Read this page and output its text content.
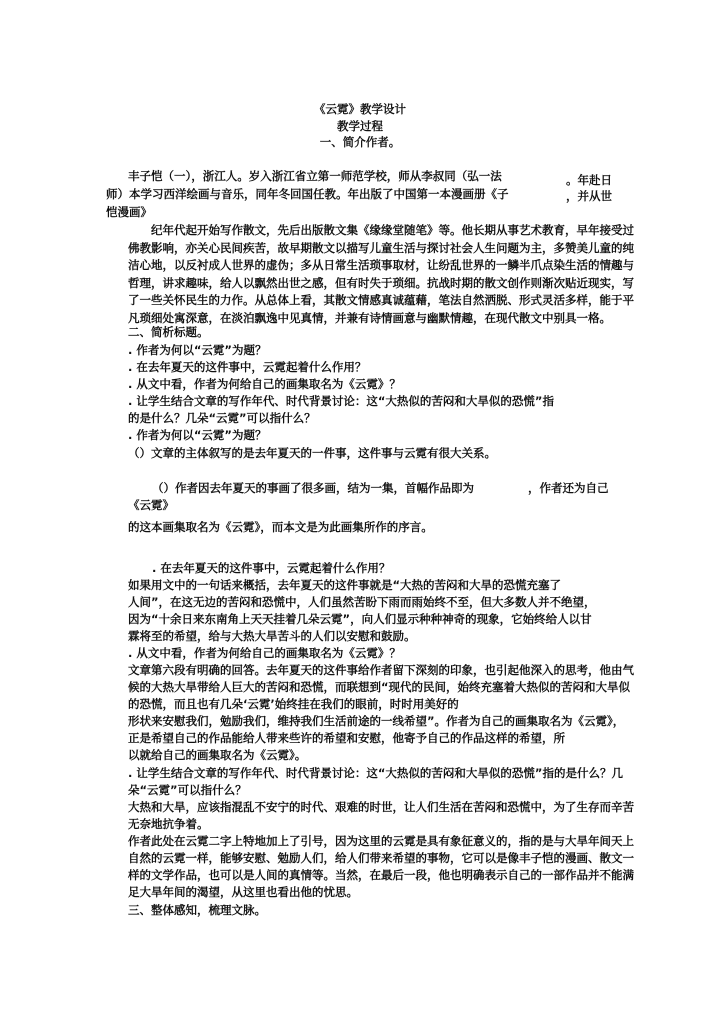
《云霓》教学设计
教学过程
一、简介作者。
丰子恺（一），浙江人。岁入浙江省立第一师范学校，师从李叔同（弘一法	。年赴日
师）本学习西洋绘画与音乐，同年冬回国任教。年出版了中国第一本漫画册《子	，并从世
恺漫画》
纪年代起开始写作散文，先后出版散文集《缘缘堂随笔》等。他长期从事艺术教育，早年接受过
佛教影响，亦关心民间疾苦，故早期散文以描写儿童生活与探讨社会人生问题为主，多赞美儿童的纯
洁心地，以反衬成人世界的虚伪；多从日常生活琐事取材，让纷乱世界的一鳞半爪点染生活的情趣与
哲理，讲求趣味，给人以飘然出世之感，但有时失于琐细。抗战时期的散文创作则渐次贴近现实，写
了一些关怀民生的力作。从总体上看，其散文情感真诚蕴藉，笔法自然洒脱、形式灵活多样，能于平
凡琐细处寓深意，在淡泊飘逸中见真情，并兼有诗情画意与幽默情趣，在现代散文中别具一格。
二、简析标题。
. 作者为何以“云霓”为题？
. 在去年夏天的这件事中，云霓起着什么作用？
. 从文中看，作者为何给自己的画集取名为《云霓》？
. 让学生结合文章的写作年代、时代背景讨论：这“大热似的苦闷和大旱似的恐慌”指
的是什么？几朵“云霓”可以指什么？
. 作者为何以“云霓”为题？
（）文章的主体叙写的是去年夏天的一件事，这件事与云霓有很大关系。
（）作者因去年夏天的事画了很多画，结为一集，首幅作品即为	，作者还为自己
《云霓》
的这本画集取名为《云霓》，而本文是为此画集所作的序言。
. 在去年夏天的这件事中，云霓起着什么作用？
如果用文中的一句话来概括，去年夏天的这件事就是“大热的苦闷和大旱的恐慌充塞了
人间”，在这无边的苦闷和恐慌中，人们虽然苦盼下雨而雨始终不至，但大多数人并不绝望，
因为“十余日来东南角上天天挂着几朵云霓”，向人们显示种种神奇的现象，它始终给人以甘
霖将至的希望，给与大热大旱苦斗的人们以安慰和鼓励。
. 从文中看，作者为何给自己的画集取名为《云霓》？
文章第六段有明确的回答。去年夏天的这件事给作者留下深刻的印象，也引起他深入的思考，他由气
候的大热大旱带给人巨大的苦闷和恐慌，而联想到“现代的民间，始终充塞着大热似的苦闷和大旱似
的恐慌，而且也有几朵‘云霓’始终挂在我们的眼前，时时用美好的
形状来安慰我们，勉励我们，维持我们生活前途的一线希望”。作者为自己的画集取名为《云霓》，
正是希望自己的作品能给人带来些许的希望和安慰，他寄予自己的作品这样的希望，所
以就给自己的画集取名为《云霓》。
. 让学生结合文章的写作年代、时代背景讨论：这“大热似的苦闷和大旱似的恐慌”指的是什么？几
朵“云霓”可以指什么？
大热和大旱，应该指混乱不安宁的时代、艰难的时世，让人们生活在苦闷和恐慌中，为了生存而辛苦
无奈地抗争着。
作者此处在云霓二字上特地加上了引号，因为这里的云霓是具有象征意义的，指的是与大旱年间天上
自然的云霓一样，能够安慰、勉励人们，给人们带来希望的事物，它可以是像丰子恺的漫画、散文一
样的文学作品，也可以是人间的真情等。当然，在最后一段，他也明确表示自己的一部作品并不能满
足大旱年间的渴望，从这里也看出他的忧思。
三、整体感知，梳理文脉。
